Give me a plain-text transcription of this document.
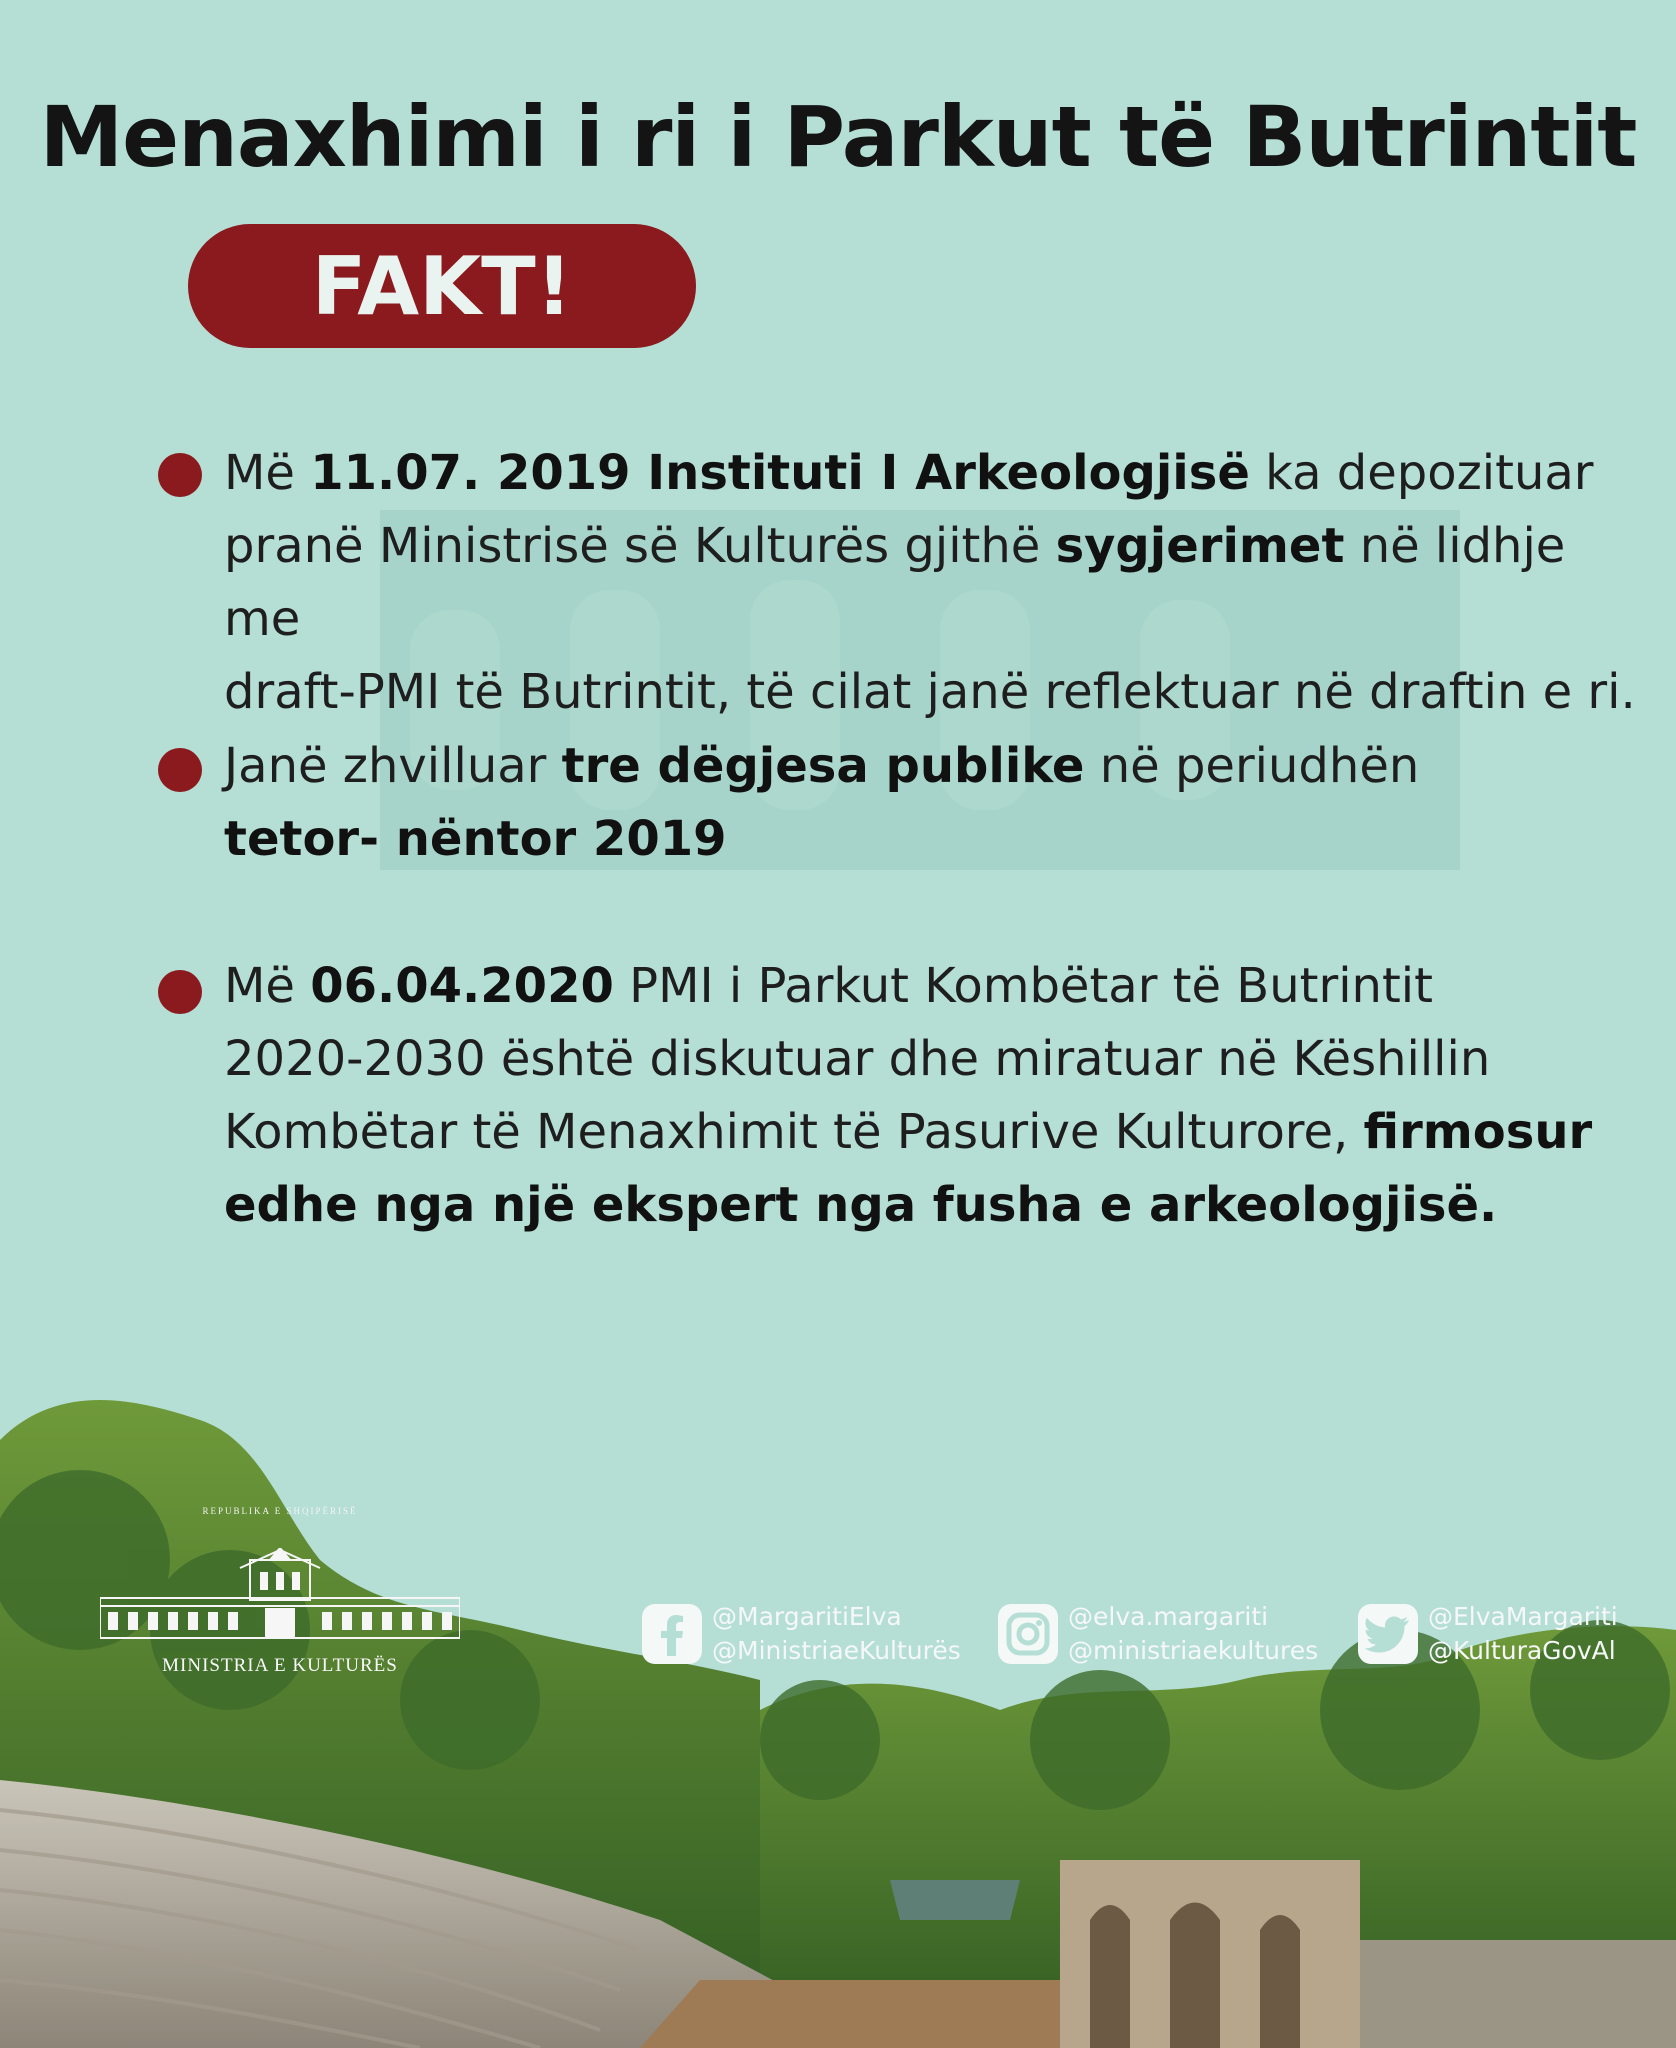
Menaxhimi i ri i Parkut të Butrintit
FAKT!
Më 11.07. 2019 Instituti I Arkeologjisë ka depozituar
pranë Ministrisë së Kulturës gjithë sygjerimet në lidhje me
draft-PMI të Butrintit, të cilat janë reflektuar në draftin e ri.
Janë zhvilluar tre dëgjesa publike në periudhën
tetor- nëntor 2019
Më 06.04.2020 PMI i Parkut Kombëtar të Butrintit
2020-2030 është diskutuar dhe miratuar në Këshillin
Kombëtar të Menaxhimit të Pasurive Kulturore, firmosur
edhe nga një ekspert nga fusha e arkeologjisë.
REPUBLIKA E SHQIPËRISË
MINISTRIA E KULTURËS
@MargaritiElva
@MinistriaeKulturës
@elva.margariti
@ministriaekultures
@ElvaMargariti
@KulturaGovAl
